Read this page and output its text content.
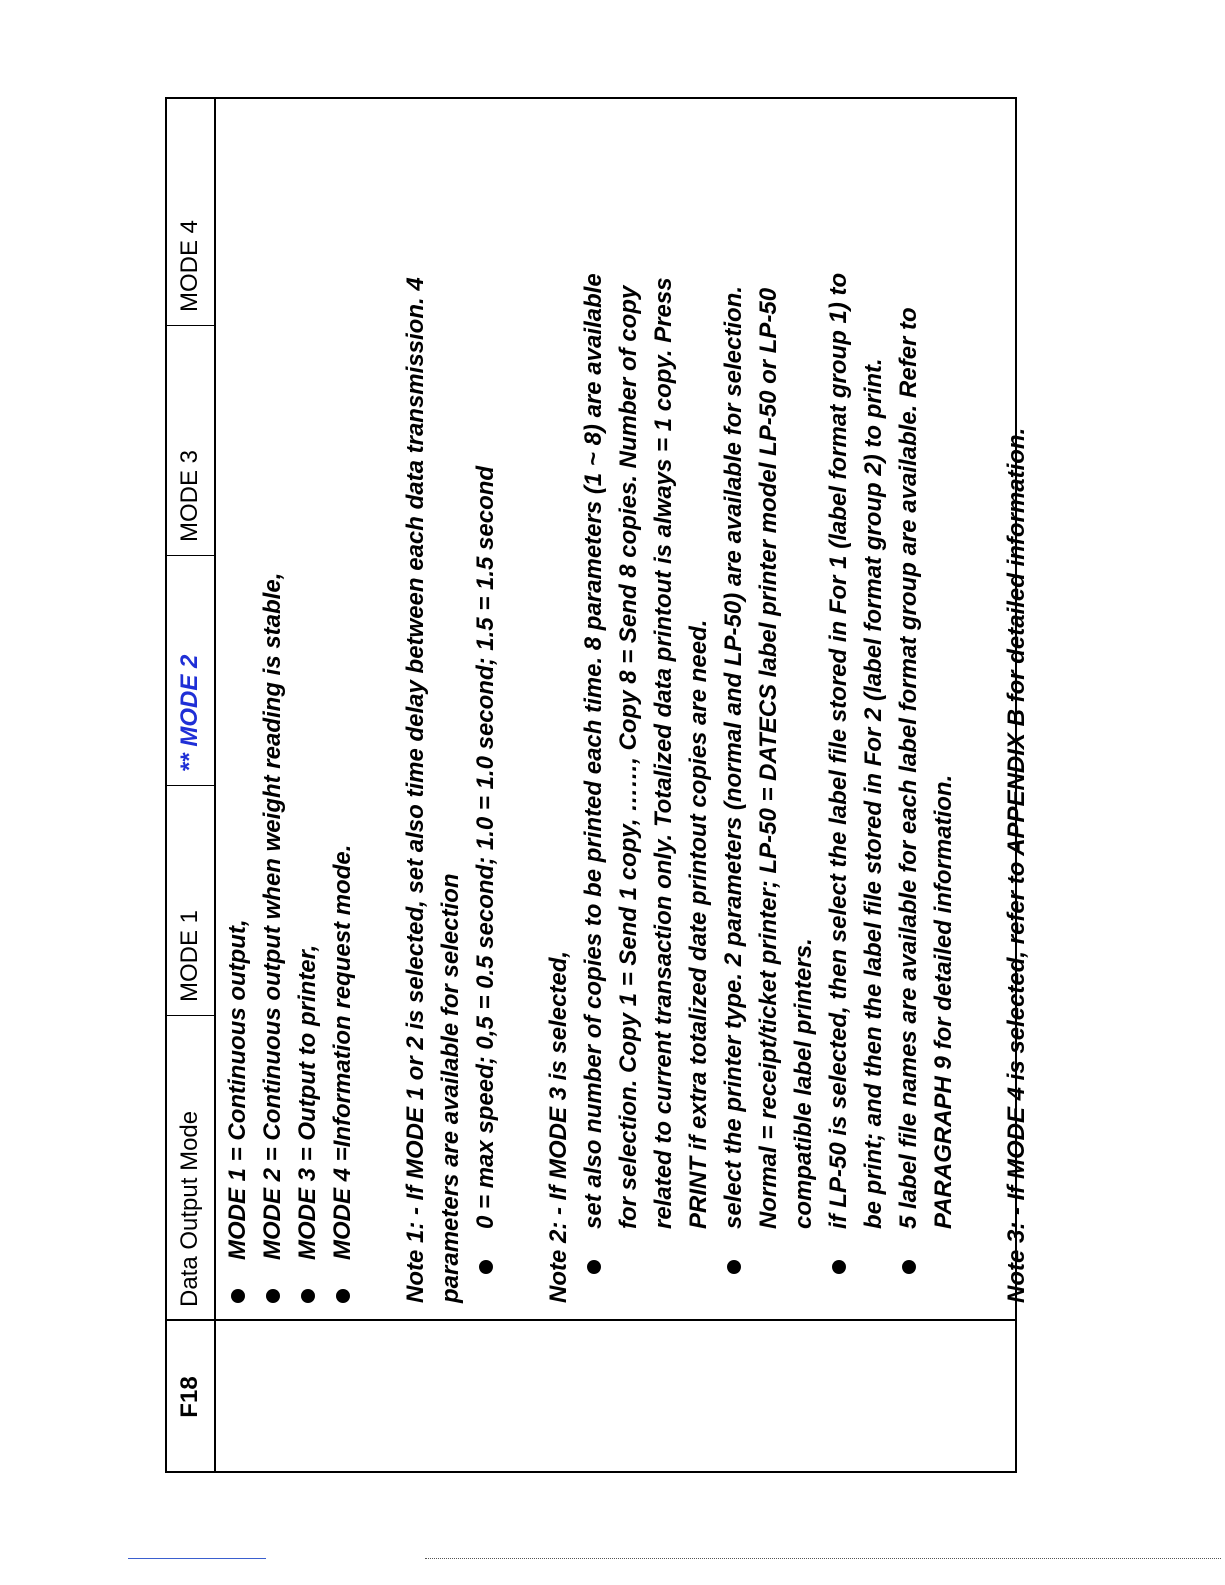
F18
Data Output Mode
MODE 1
** MODE 2
MODE 3
MODE 4
MODE 1 = Continuous output, MODE 2 = Continuous output when weight reading is stable, MODE 3 = Output to printer, MODE 4 =Information request mode. Note 1: - If MODE 1 or 2 is selected, set also time delay between each data transmission. 4 parameters are available for selection 0 = max speed; 0,5 = 0.5 second; 1.0 = 1.0 second; 1.5 = 1.5 second Note 2: - If MODE 3 is selected, set also number of copies to be printed each time. 8 parameters (1 ~ 8) are available for selection. Copy 1 = Send 1 copy, ……, Copy 8 = Send 8 copies. Number of copy related to current transaction only. Totalized data printout is always = 1 copy. Press PRINT if extra totalized date printout copies are need. select the printer type. 2 parameters (normal and LP-50) are available for selection. Normal = receipt/ticket printer; LP-50 = DATECS label printer model LP-50 or LP-50 compatible label printers. if LP-50 is selected, then select the label file stored in For 1 (label format group 1) to be print; and then the label file stored in For 2 (label format group 2) to print. 5 label file names are available for each label format group are available. Refer to PARAGRAPH 9 for detailed information. Note 3: - If MODE 4 is selected, refer to APPENDIX B for detailed information.
